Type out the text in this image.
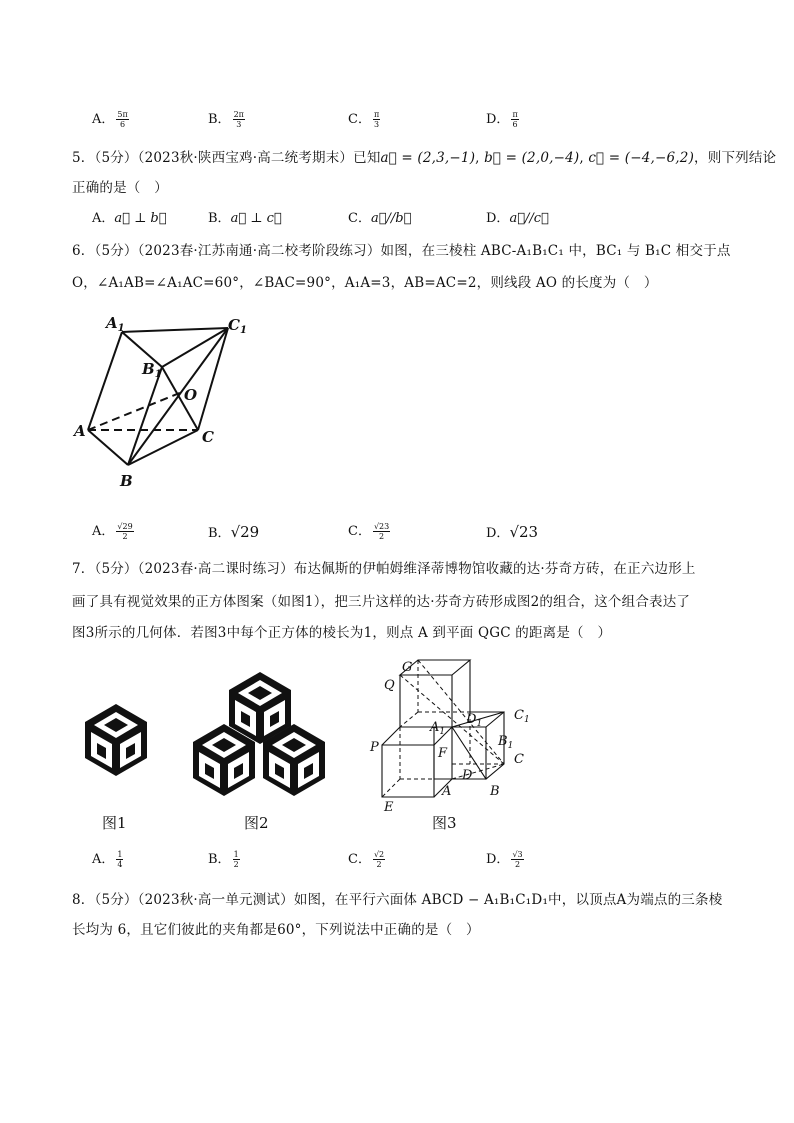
A． $\frac{5\pi}{6}$	B． $\frac{2\pi}{3}$	C． $\frac{\pi}{3}$	D． $\frac{\pi}{6}$
5．（5分）（2023秋·陕西宝鸡·高二统考期末）已知a⃗ = (2,3,−1), b⃗ = (2,0,−4), c⃗ = (−4,−6,2)，则下列结论
正确的是（　）
A．a⃗ ⊥ b⃗	B．a⃗ ⊥ c⃗	C．a⃗//b⃗	D．a⃗//c⃗
6．（5分）（2023春·江苏南通·高二校考阶段练习）如图，在三棱柱 ABC-A₁B₁C₁ 中，BC₁ 与 B₁C 相交于点
O，∠A₁AB=∠A₁AC=60°，∠BAC=90°，A₁A=3，AB=AC=2，则线段 AO 的长度为（　）
$A_1$	$C_1$
$B_1$
O
A	C
B
A． $\frac{√29}{2}$	B．√29	C． $\frac{√23}{2}$	D．√23
7．（5分）（2023春·高二课时练习）布达佩斯的伊帕姆维泽蒂博物馆收藏的达·芬奇方砖，在正六边形上
画了具有视觉效果的正方体图案（如图1），把三片这样的达·芬奇方砖形成图2的组合，这个组合表达了
图3所示的几何体．若图3中每个正方体的棱长为1，则点 A 到平面 QGC 的距离是（　）
G
Q
$D_1$
$C_1$
$A_1$
$B_1$
P	F	C
D
A	B
E
图1	图2	图3
A． $\frac{1}{4}$	B． $\frac{1}{2}$	C． $\frac{√2}{2}$	D． $\frac{√3}{2}$
8．（5分）（2023秋·高一单元测试）如图，在平行六面体 ABCD − A₁B₁C₁D₁中，以顶点A为端点的三条棱
长均为 6，且它们彼此的夹角都是60°，下列说法中正确的是（　）
